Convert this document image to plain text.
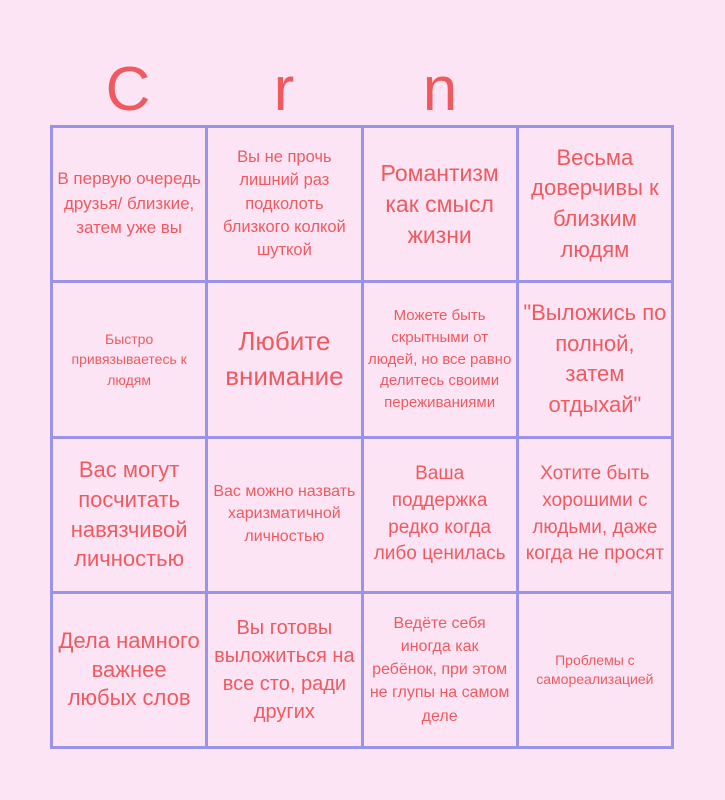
C	r	n
В первую очередь друзья/ близкие, затем уже вы
Вы не прочь лишний раз подколоть близкого колкой шуткой
Романтизм как смысл жизни
Весьма доверчивы к близким людям
Быстро привязываетесь к людям
Любите внимание
Можете быть скрытными от людей, но все равно делитесь своими переживаниями
"Выложись по полной, затем отдыхай"
Вас могут посчитать навязчивой личностью
Вас можно назвать харизматичной личностью
Ваша поддержка редко когда либо ценилась
Хотите быть хорошими с людьми, даже когда не просят
Дела намного важнее любых слов
Вы готовы выложиться на все сто, ради других
Ведёте себя иногда как ребёнок, при этом не глупы на самом деле
Проблемы с самореализацией
